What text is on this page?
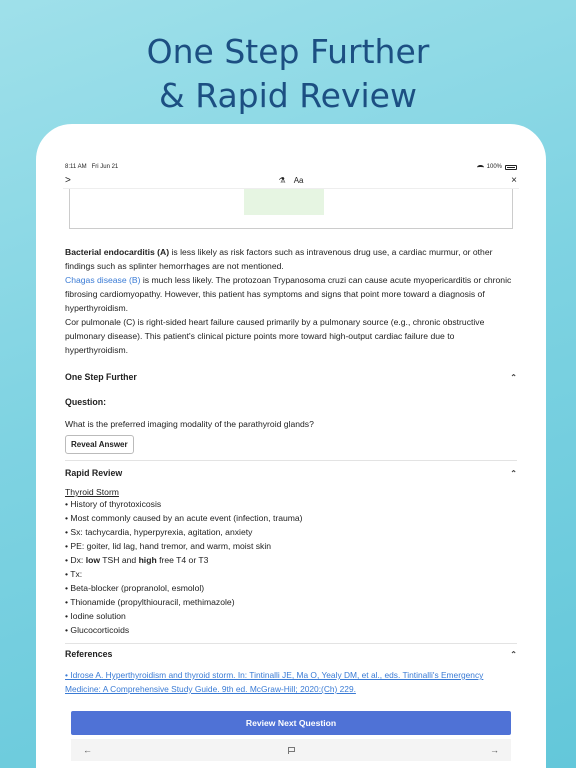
One Step Further
& Rapid Review
8:11 AM Fri Jun 21	100%
>	⚗ Aa	×

Bacterial endocarditis (A) is less likely as risk factors such as intravenous drug use, a cardiac murmur, or other findings such as splinter hemorrhages are not mentioned.

Chagas disease (B) is much less likely. The protozoan Trypanosoma cruzi can cause acute myopericarditis or chronic fibrosing cardiomyopathy. However, this patient has symptoms and signs that point more toward a diagnosis of hyperthyroidism.

Cor pulmonale (C) is right-sided heart failure caused primarily by a pulmonary source (e.g., chronic obstructive pulmonary disease). This patient's clinical picture points more toward high-output cardiac failure due to hyperthyroidism.

One Step Further	⌃
Question:
What is the preferred imaging modality of the parathyroid glands?
Reveal Answer
Rapid Review	⌃
Thyroid Storm
• History of thyrotoxicosis
• Most commonly caused by an acute event (infection, trauma)
• Sx: tachycardia, hyperpyrexia, agitation, anxiety
• PE: goiter, lid lag, hand tremor, and warm, moist skin
• Dx: low TSH and high free T4 or T3
• Tx:
• Beta-blocker (propranolol, esmolol)
• Thionamide (propylthiouracil, methimazole)
• Iodine solution
• Glucocorticoids
References	⌃
• Idrose A. Hyperthyroidism and thyroid storm. In: Tintinalli JE, Ma O, Yealy DM, et al., eds. Tintinalli's Emergency Medicine: A Comprehensive Study Guide. 9th ed. McGraw-Hill; 2020:(Ch) 229.
Review Next Question
←	→
